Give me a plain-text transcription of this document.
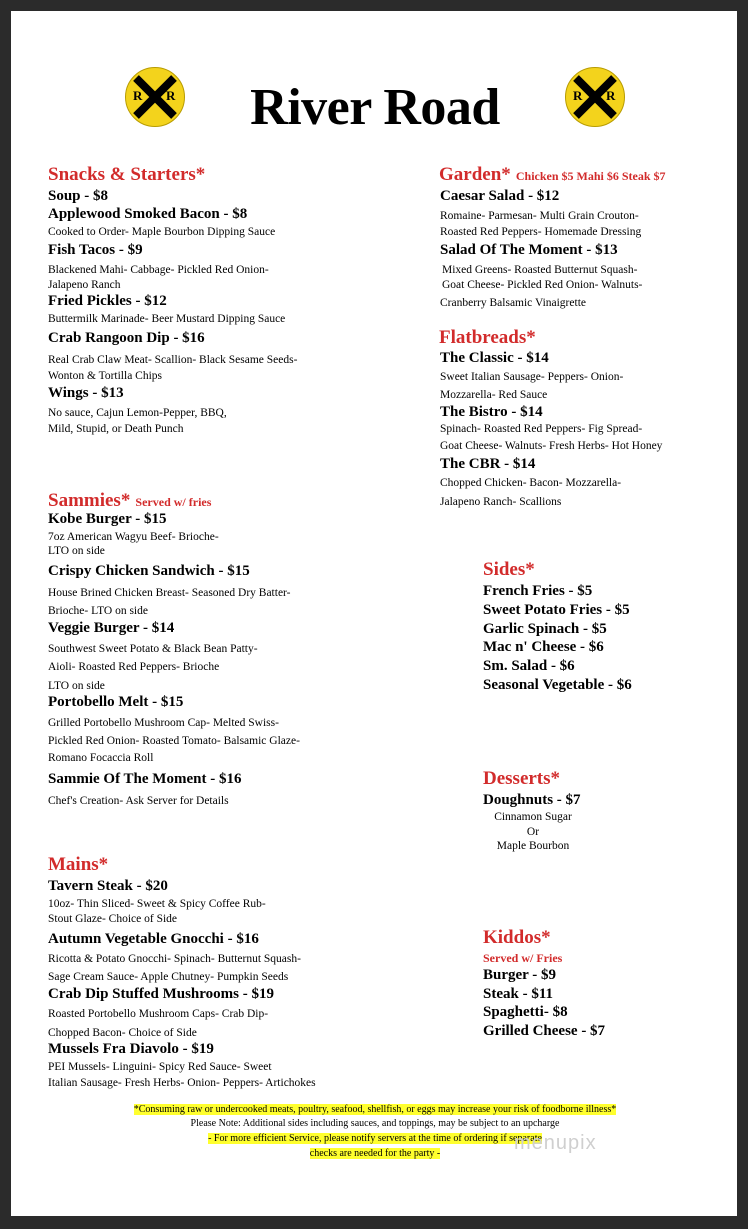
R R	R R
River Road
Snacks & Starters*
Soup - $8
Applewood Smoked Bacon - $8
Cooked to Order- Maple Bourbon Dipping Sauce
Fish Tacos - $9
Blackened Mahi- Cabbage- Pickled Red Onion-
Jalapeno Ranch
Fried Pickles - $12
Buttermilk Marinade- Beer Mustard Dipping Sauce
Crab Rangoon Dip - $16
Real Crab Claw Meat- Scallion- Black Sesame Seeds-
Wonton & Tortilla Chips
Wings - $13
No sauce, Cajun Lemon-Pepper, BBQ,
Mild, Stupid, or Death Punch
Garden* Chicken $5 Mahi $6 Steak $7
Caesar Salad - $12
Romaine- Parmesan- Multi Grain Crouton-
Roasted Red Peppers- Homemade Dressing
Salad Of The Moment - $13
Mixed Greens- Roasted Butternut Squash-
Goat Cheese- Pickled Red Onion- Walnuts-
Cranberry Balsamic Vinaigrette
Flatbreads*
The Classic - $14
Sweet Italian Sausage- Peppers- Onion-
Mozzarella- Red Sauce
The Bistro - $14
Spinach- Roasted Red Peppers- Fig Spread-
Goat Cheese- Walnuts- Fresh Herbs- Hot Honey
The CBR - $14
Chopped Chicken- Bacon- Mozzarella-
Jalapeno Ranch- Scallions
Sammies* Served w/ fries
Kobe Burger - $15
7oz American Wagyu Beef- Brioche-
LTO on side
Crispy Chicken Sandwich - $15
House Brined Chicken Breast- Seasoned Dry Batter-
Brioche- LTO on side
Veggie Burger - $14
Southwest Sweet Potato & Black Bean Patty-
Aioli- Roasted Red Peppers- Brioche
LTO on side
Portobello Melt - $15
Grilled Portobello Mushroom Cap- Melted Swiss-
Pickled Red Onion- Roasted Tomato- Balsamic Glaze-
Romano Focaccia Roll
Sammie Of The Moment - $16
Chef's Creation- Ask Server for Details
Sides*
French Fries - $5
Sweet Potato Fries - $5
Garlic Spinach - $5
Mac n' Cheese - $6
Sm. Salad - $6
Seasonal Vegetable - $6
Desserts*
Doughnuts - $7
Cinnamon Sugar
Or
Maple Bourbon
Mains*
Tavern Steak - $20
10oz- Thin Sliced- Sweet & Spicy Coffee Rub-
Stout Glaze- Choice of Side
Autumn Vegetable Gnocchi - $16
Ricotta & Potato Gnocchi- Spinach- Butternut Squash-
Sage Cream Sauce- Apple Chutney- Pumpkin Seeds
Crab Dip Stuffed Mushrooms - $19
Roasted Portobello Mushroom Caps- Crab Dip-
Chopped Bacon- Choice of Side
Mussels Fra Diavolo - $19
PEI Mussels- Linguini- Spicy Red Sauce- Sweet
Italian Sausage- Fresh Herbs- Onion- Peppers- Artichokes
Kiddos*
Served w/ Fries
Burger - $9
Steak - $11
Spaghetti- $8
Grilled Cheese - $7
*Consuming raw or undercooked meats, poultry, seafood, shellfish, or eggs may increase your risk of foodborne illness*
Please Note: Additional sides including sauces, and toppings, may be subject to an upcharge
- For more efficient Service, please notify servers at the time of ordering if separate
checks are needed for the party -	menupix
